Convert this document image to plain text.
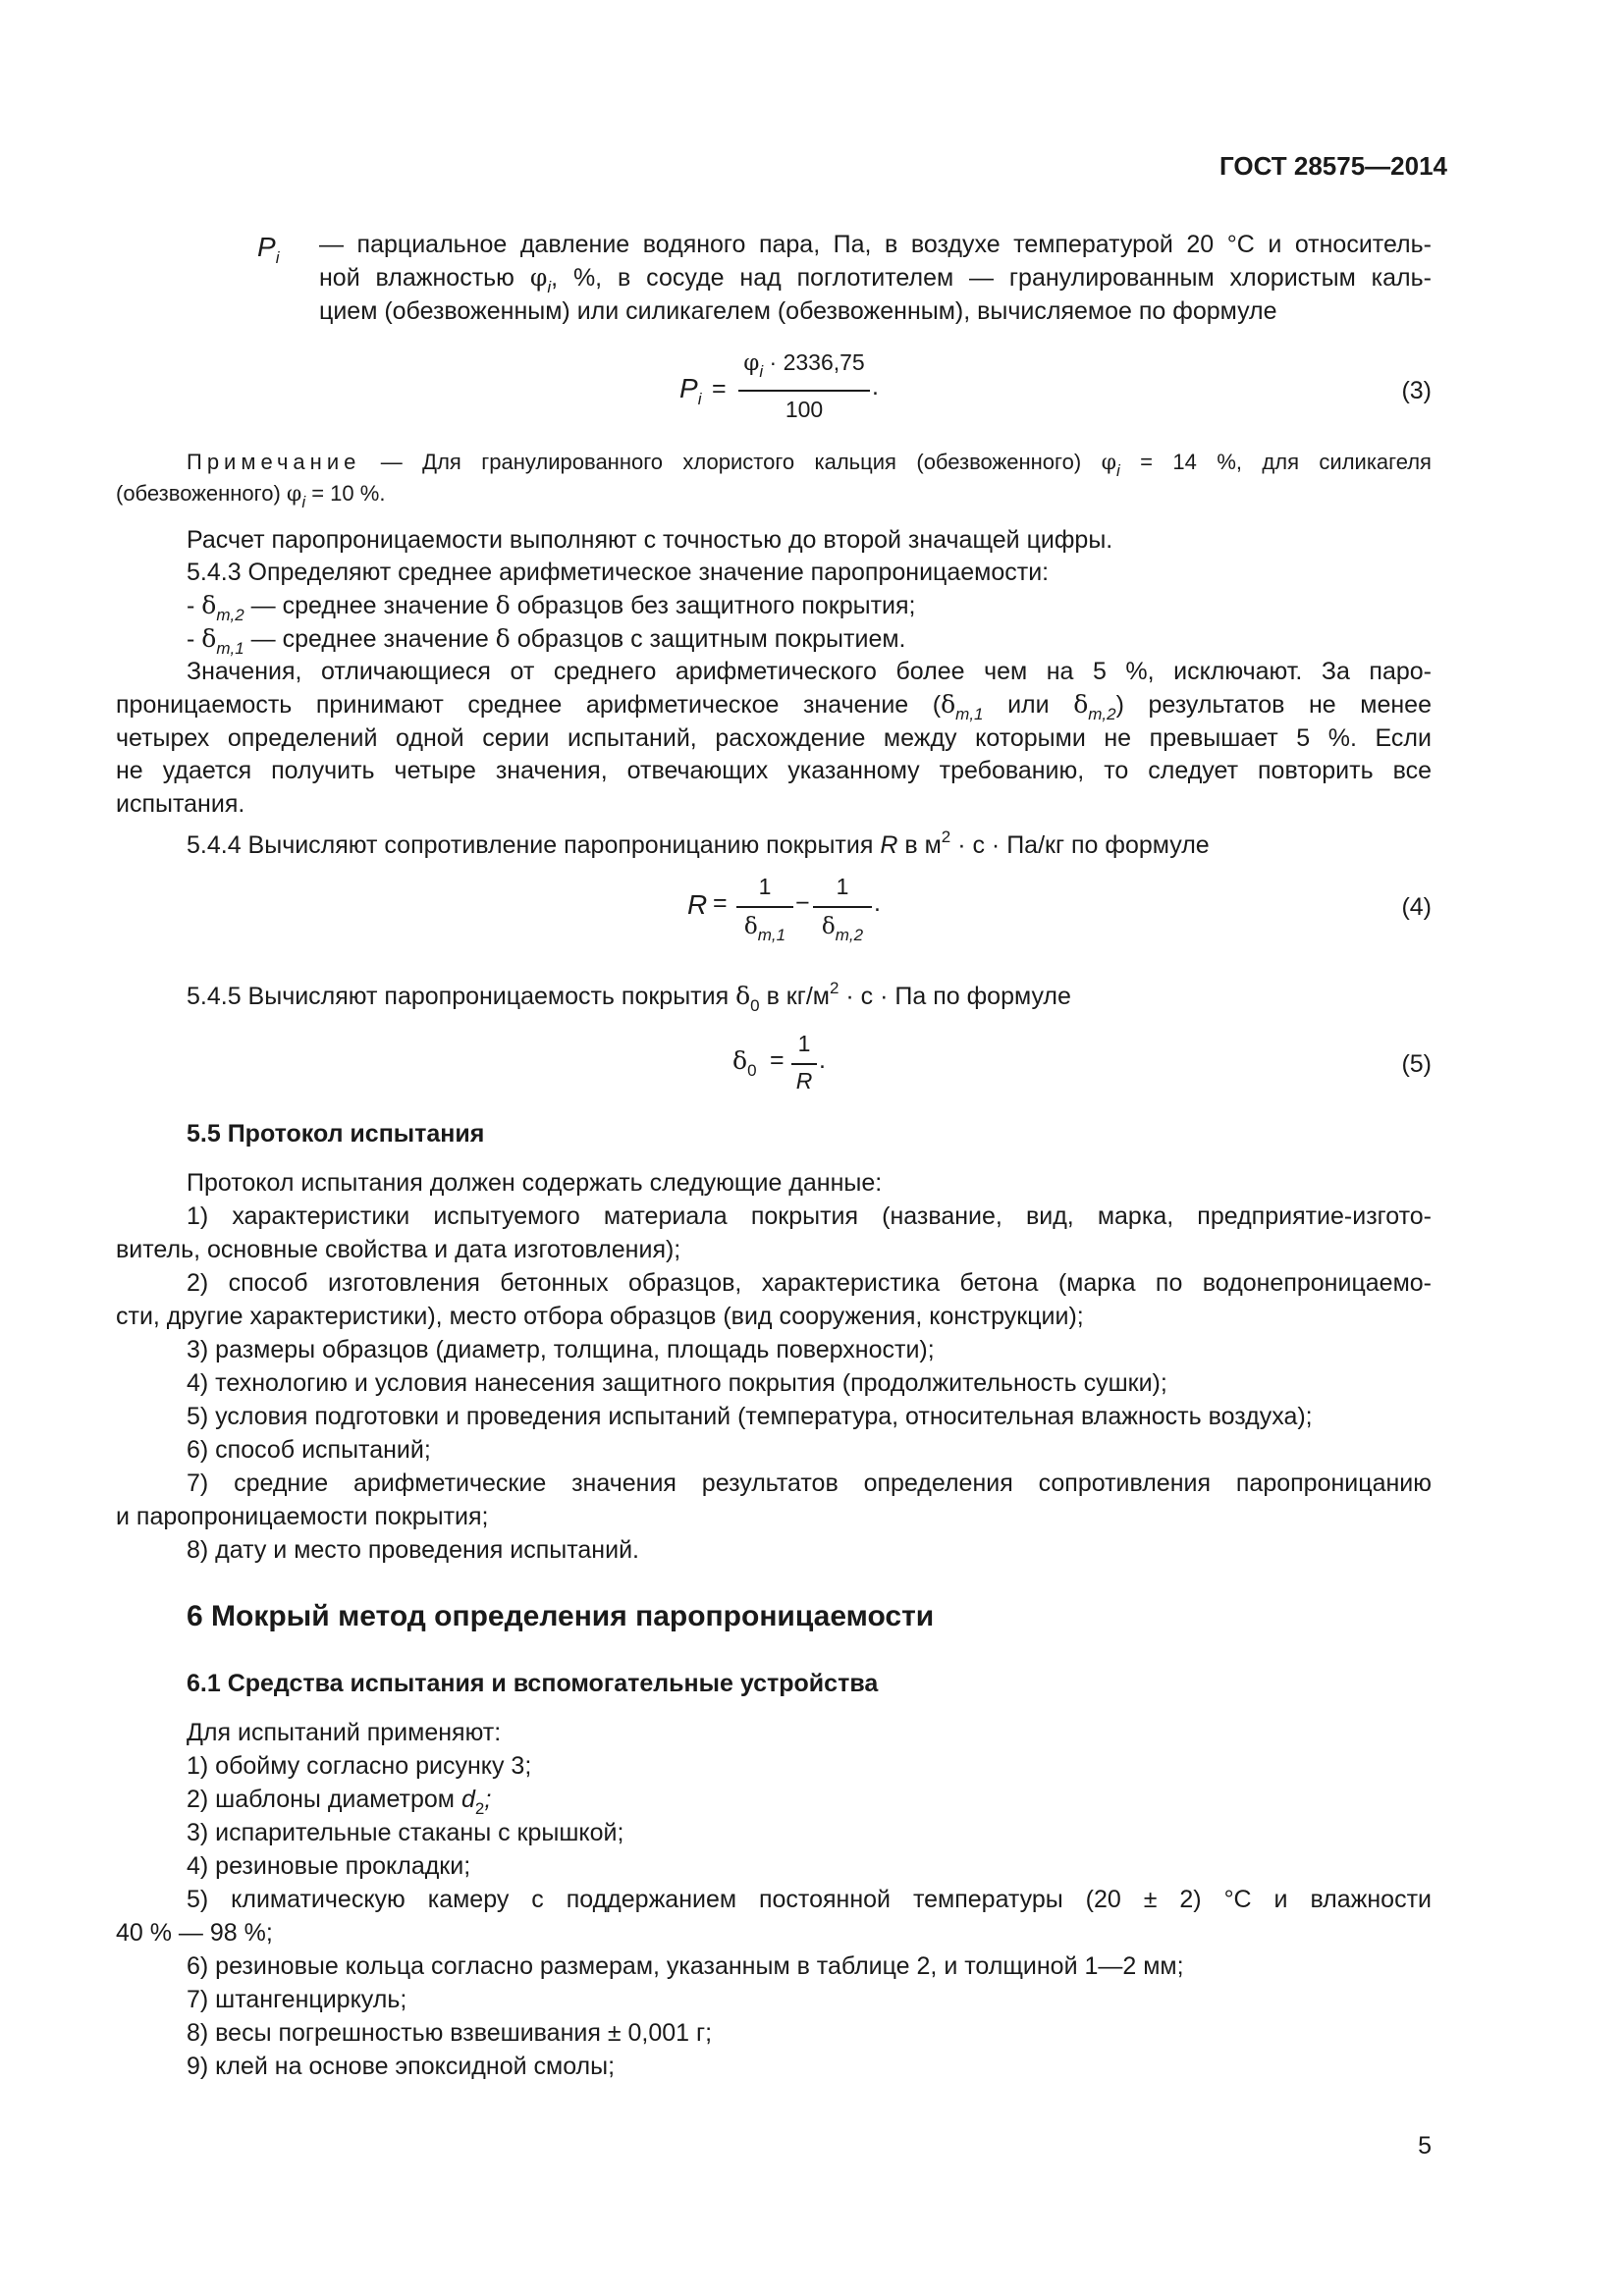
ГОСТ 28575—2014
$P_i$ — парциальное давление водяного пара, Па, в воздухе температурой 20 °С и относитель-
ной влажностью $\varphi_i$, %, в сосуде над поглотителем — гранулированным хлористым каль-
цием (обезвоженным) или силикагелем (обезвоженным), вычисляемое по формуле
$P_i$ =
$\varphi_i \cdot 2336,75$
100
.	(3)
Примечание — Для гранулированного хлористого кальция (обезвоженного) $\varphi_i = 14$ %, для силикагеля
(обезвоженного) $\varphi_i = 10$ %.
Расчет паропроницаемости выполняют с точностью до второй значащей цифры.
5.4.3 Определяют среднее арифметическое значение паропроницаемости:
- $\delta_{m,2}$ — среднее значение δ образцов без защитного покрытия;
- $\delta_{m,1}$ — среднее значение δ образцов с защитным покрытием.
Значения, отличающиеся от среднего арифметического более чем на 5 %, исключают. За паро-
проницаемость принимают среднее арифметическое значение ($\delta_{m,1}$ или $\delta_{m,2}$) результатов не менее
четырех определений одной серии испытаний, расхождение между которыми не превышает 5 %. Если
не удается получить четыре значения, отвечающих указанному требованию, то следует повторить все
испытания.
5.4.4 Вычисляют сопротивление паропроницанию покрытия R в $м^2 \cdot с \cdot Па/кг$ по формуле
R =
1
$\delta_{m,1}$
−
1
$\delta_{m,2}$
.	(4)
5.4.5 Вычисляют паропроницаемость покрытия $\delta_0$ в $кг/м^2 \cdot с$ · Па по формуле
$\delta_0$ =
1
R
.	(5)
5.5 Протокол испытания
Протокол испытания должен содержать следующие данные:
1) характеристики испытуемого материала покрытия (название, вид, марка, предприятие-изгото-
витель, основные свойства и дата изготовления);
2) способ изготовления бетонных образцов, характеристика бетона (марка по водонепроницаемо-
сти, другие характеристики), место отбора образцов (вид сооружения, конструкции);
3) размеры образцов (диаметр, толщина, площадь поверхности);
4) технологию и условия нанесения защитного покрытия (продолжительность сушки);
5) условия подготовки и проведения испытаний (температура, относительная влажность воздуха);
6) способ испытаний;
7) средние арифметические значения результатов определения сопротивления паропроницанию
и паропроницаемости покрытия;
8) дату и место проведения испытаний.
6 Мокрый метод определения паропроницаемости
6.1 Средства испытания и вспомогательные устройства
Для испытаний применяют:
1) обойму согласно рисунку 3;
2) шаблоны диаметром $d_2$;
3) испарительные стаканы с крышкой;
4) резиновые прокладки;
5) климатическую камеру с поддержанием постоянной температуры (20 ± 2) °С и влажности
40 % — 98 %;
6) резиновые кольца согласно размерам, указанным в таблице 2, и толщиной 1—2 мм;
7) штангенциркуль;
8) весы погрешностью взвешивания ± 0,001 г;
9) клей на основе эпоксидной смолы;
5
